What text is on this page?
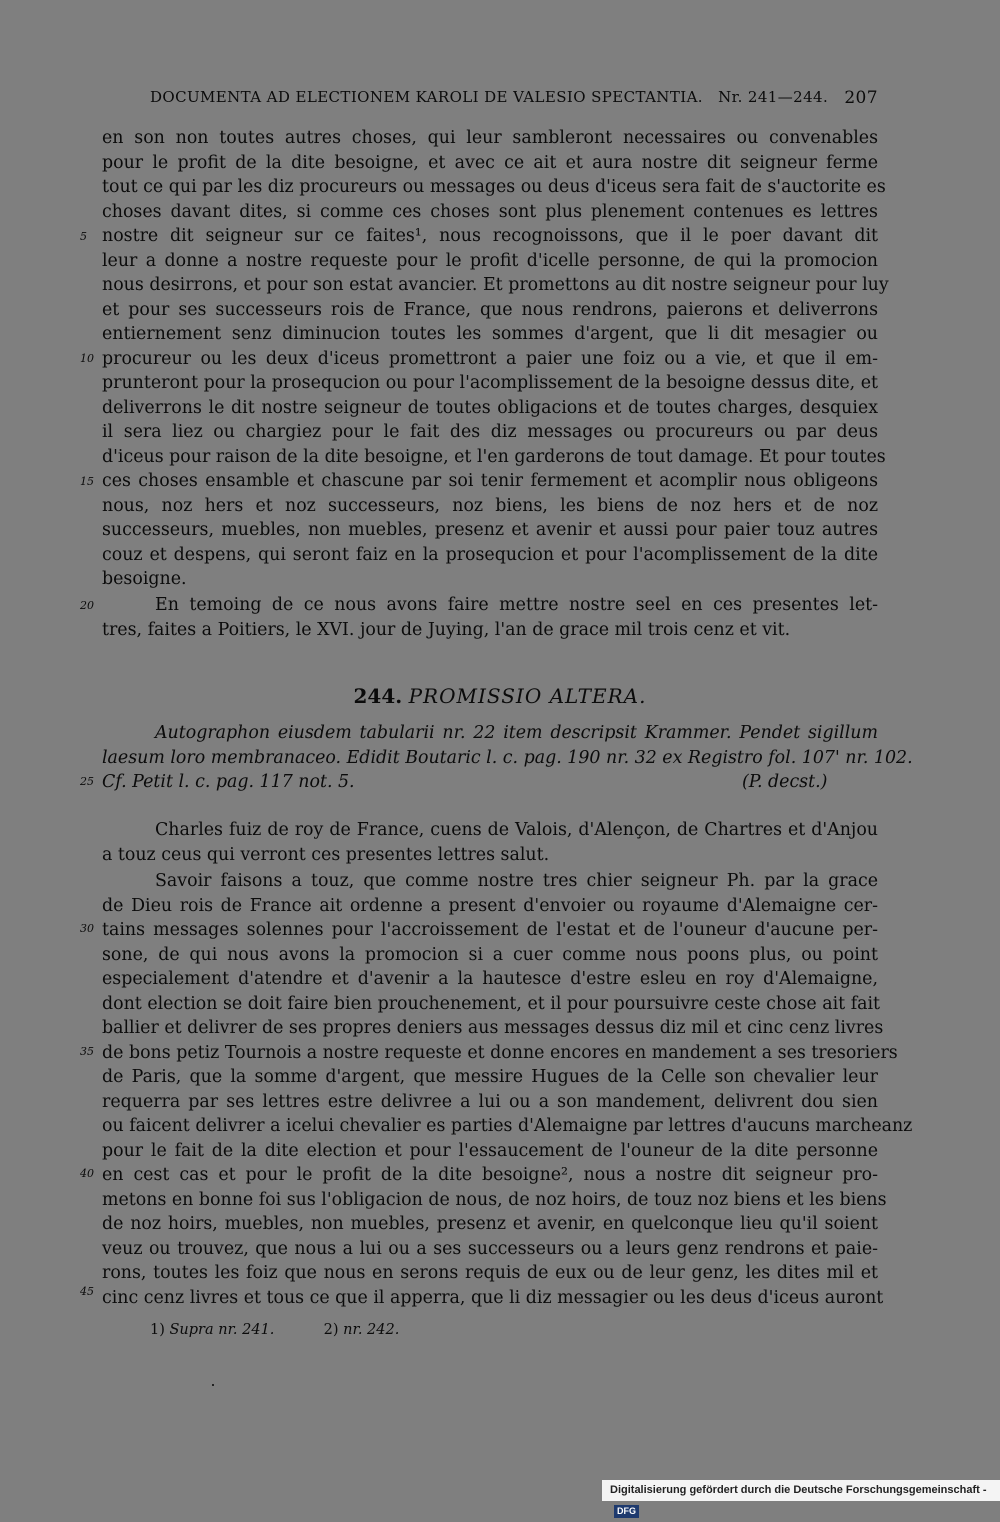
DOCUMENTA AD ELECTIONEM KAROLI DE VALESIO SPECTANTIA. Nr. 241—244. 207
en son non toutes autres choses, qui leur sambleront necessaires ou convenables
pour le profit de la dite besoigne, et avec ce ait et aura nostre dit seigneur ferme
tout ce qui par les diz procureurs ou messages ou deus d'iceus sera fait de s'auctorite es
choses davant dites, si comme ces choses sont plus plenement contenues es lettres
nostre dit seigneur sur ce faites¹, nous recognoissons, que il le poer davant dit
leur a donne a nostre requeste pour le profit d'icelle personne, de qui la promocion
nous desirrons, et pour son estat avancier. Et promettons au dit nostre seigneur pour luy
et pour ses successeurs rois de France, que nous rendrons, paierons et deliverrons
entiernement senz diminucion toutes les sommes d'argent, que li dit mesagier ou
procureur ou les deux d'iceus promettront a paier une foiz ou a vie, et que il em-
prunteront pour la prosequcion ou pour l'acomplissement de la besoigne dessus dite, et
deliverrons le dit nostre seigneur de toutes obligacions et de toutes charges, desquiex
il sera liez ou chargiez pour le fait des diz messages ou procureurs ou par deus
d'iceus pour raison de la dite besoigne, et l'en garderons de tout damage. Et pour toutes
ces choses ensamble et chascune par soi tenir fermement et acomplir nous obligeons
nous, noz hers et noz successeurs, noz biens, les biens de noz hers et de noz
successeurs, muebles, non muebles, presenz et avenir et aussi pour paier touz autres
couz et despens, qui seront faiz en la prosequcion et pour l'acomplissement de la dite
besoigne.
En temoing de ce nous avons faire mettre nostre seel en ces presentes let-
tres, faites a Poitiers, le XVI. jour de Juying, l'an de grace mil trois cenz et vit.
5
10
15
20
25
30
35
40
45
244. PROMISSIO ALTERA.
Autographon eiusdem tabularii nr. 22 item descripsit Krammer. Pendet sigillum
laesum loro membranaceo. Edidit Boutaric l. c. pag. 190 nr. 32 ex Registro fol. 107' nr. 102.
Cf. Petit l. c. pag. 117 not. 5.	(P. decst.)
Charles fuiz de roy de France, cuens de Valois, d'Alençon, de Chartres et d'Anjou
a touz ceus qui verront ces presentes lettres salut.
Savoir faisons a touz, que comme nostre tres chier seigneur Ph. par la grace
de Dieu rois de France ait ordenne a present d'envoier ou royaume d'Alemaigne cer-
tains messages solennes pour l'accroissement de l'estat et de l'ouneur d'aucune per-
sone, de qui nous avons la promocion si a cuer comme nous poons plus, ou point
especialement d'atendre et d'avenir a la hautesce d'estre esleu en roy d'Alemaigne,
dont election se doit faire bien prouchenement, et il pour poursuivre ceste chose ait fait
ballier et delivrer de ses propres deniers aus messages dessus diz mil et cinc cenz livres
de bons petiz Tournois a nostre requeste et donne encores en mandement a ses tresoriers
de Paris, que la somme d'argent, que messire Hugues de la Celle son chevalier leur
requerra par ses lettres estre delivree a lui ou a son mandement, delivrent dou sien
ou faicent delivrer a icelui chevalier es parties d'Alemaigne par lettres d'aucuns marcheanz
pour le fait de la dite election et pour l'essaucement de l'ouneur de la dite personne
en cest cas et pour le profit de la dite besoigne², nous a nostre dit seigneur pro-
metons en bonne foi sus l'obligacion de nous, de noz hoirs, de touz noz biens et les biens
de noz hoirs, muebles, non muebles, presenz et avenir, en quelconque lieu qu'il soient
veuz ou trouvez, que nous a lui ou a ses successeurs ou a leurs genz rendrons et paie-
rons, toutes les foiz que nous en serons requis de eux ou de leur genz, les dites mil et
cinc cenz livres et tous ce que il apperra, que li diz messagier ou les deus d'iceus auront
1) Supra nr. 241.	2) nr. 242.
Digitalisierung gefördert durch die Deutsche Forschungsgemeinschaft - DFG
